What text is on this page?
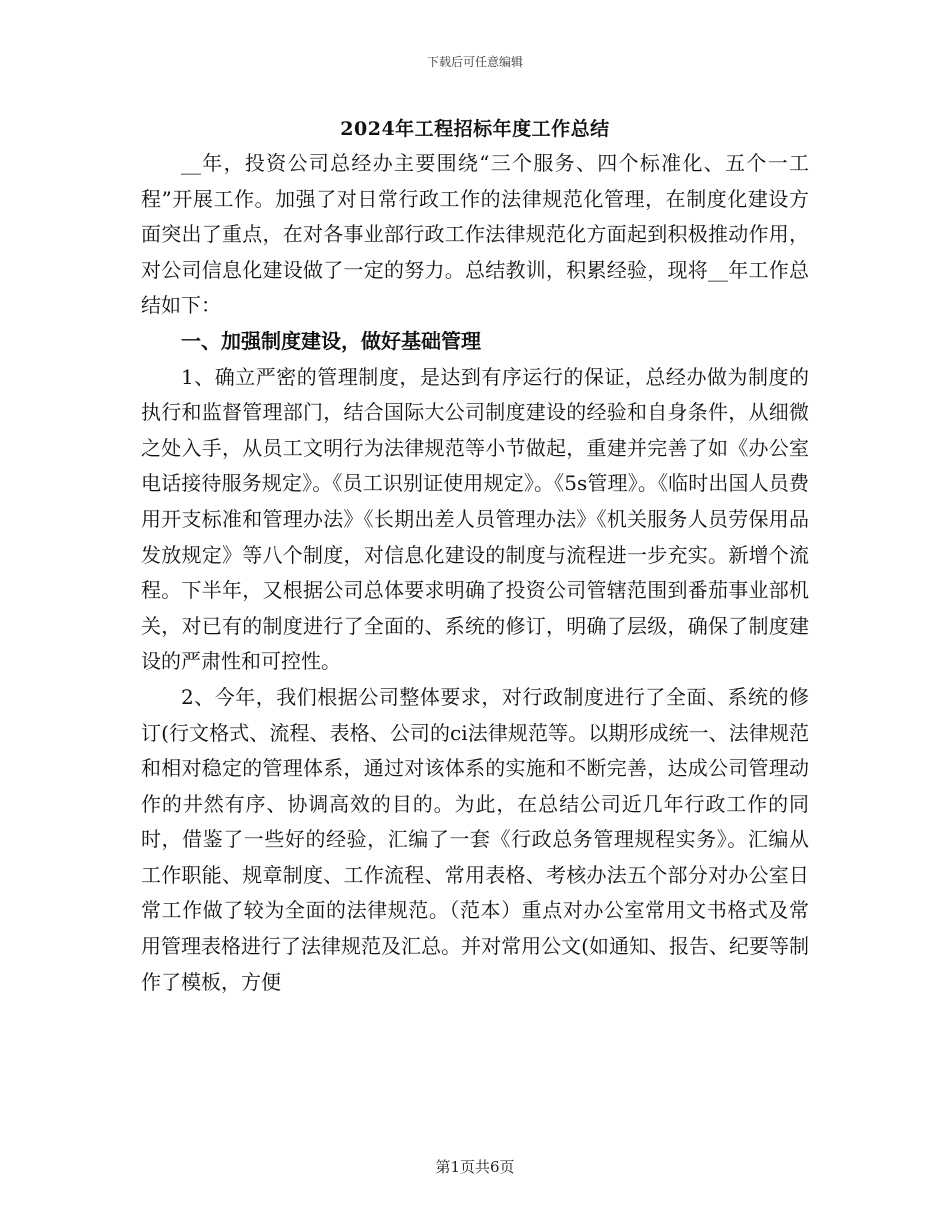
下载后可任意编辑
2024年工程招标年度工作总结

__年，投资公司总经办主要围绕“三个服务、四个标准化、五个一工程”开展工作。加强了对日常行政工作的法律规范化管理，在制度化建设方面突出了重点，在对各事业部行政工作法律规范化方面起到积极推动作用，对公司信息化建设做了一定的努力。总结教训，积累经验，现将__年工作总结如下：

一、加强制度建设，做好基础管理

1、确立严密的管理制度，是达到有序运行的保证，总经办做为制度的执行和监督管理部门，结合国际大公司制度建设的经验和自身条件，从细微之处入手，从员工文明行为法律规范等小节做起，重建并完善了如《办公室电话接待服务规定》。《员工识别证使用规定》。《5s管理》。《临时出国人员费用开支标准和管理办法》《长期出差人员管理办法》《机关服务人员劳保用品发放规定》等八个制度，对信息化建设的制度与流程进一步充实。新增个流程。下半年，又根据公司总体要求明确了投资公司管辖范围到番茄事业部机关，对已有的制度进行了全面的、系统的修订，明确了层级，确保了制度建设的严肃性和可控性。

2、今年，我们根据公司整体要求，对行政制度进行了全面、系统的修订(行文格式、流程、表格、公司的ci法律规范等。以期形成统一、法律规范和相对稳定的管理体系，通过对该体系的实施和不断完善，达成公司管理动作的井然有序、协调高效的目的。为此，在总结公司近几年行政工作的同时，借鉴了一些好的经验，汇编了一套《行政总务管理规程实务》。汇编从工作职能、规章制度、工作流程、常用表格、考核办法五个部分对办公室日常工作做了较为全面的法律规范。（范本）重点对办公室常用文书格式及常用管理表格进行了法律规范及汇总。并对常用公文(如通知、报告、纪要等制作了模板，方便

第1页共6页
